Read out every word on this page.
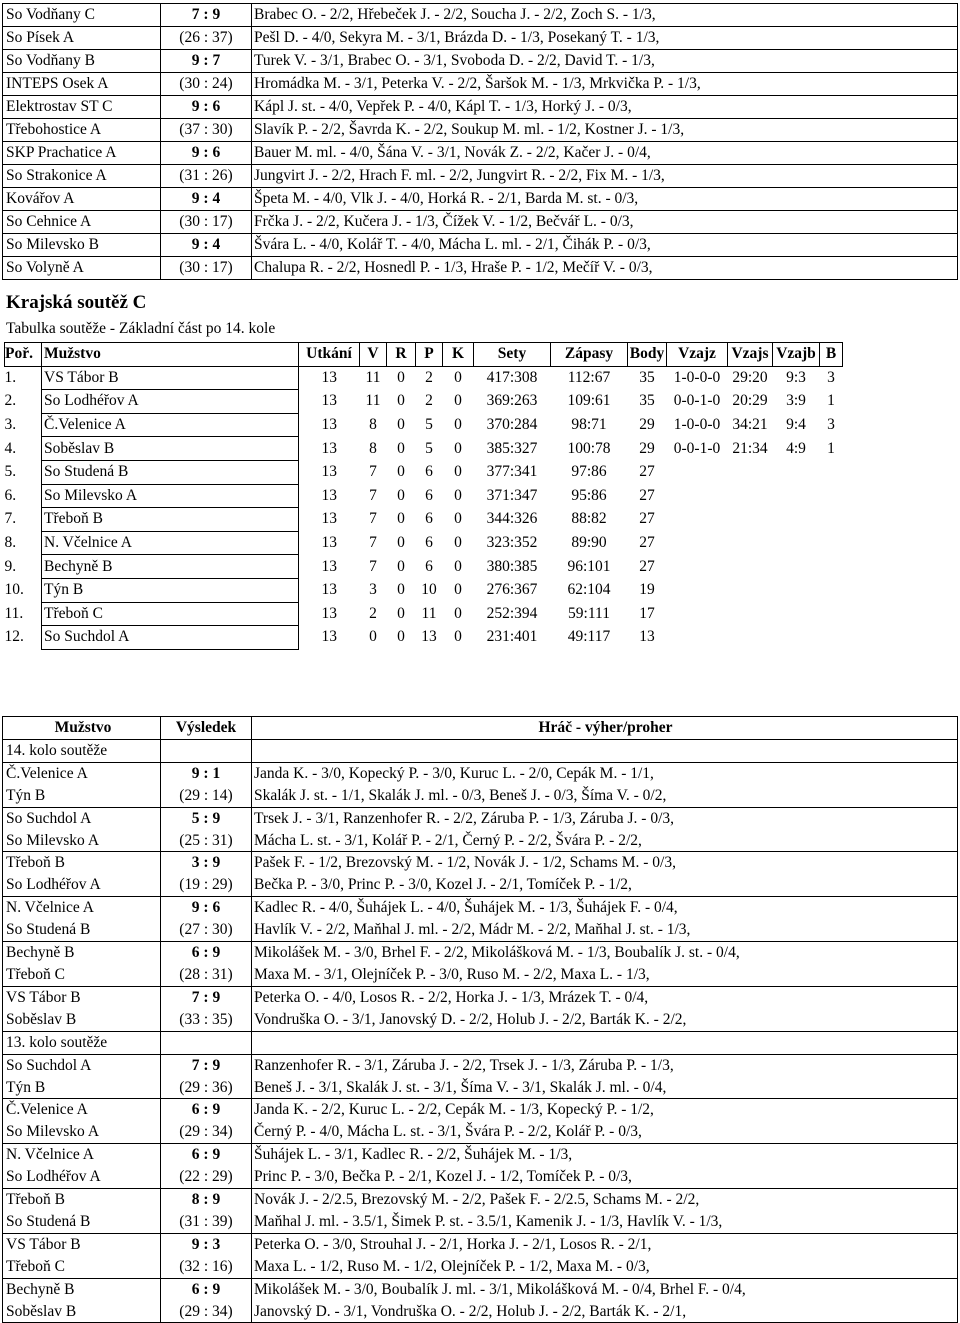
So Vodňany C	7 : 9	Brabec O. - 2/2, Hřebeček J. - 2/2, Soucha J. - 2/2, Zoch S. - 1/3,
So Písek A	(26 : 37)	Pešl D. - 4/0, Sekyra M. - 3/1, Brázda D. - 1/3, Posekaný T. - 1/3,
So Vodňany B	9 : 7	Turek V. - 3/1, Brabec O. - 3/1, Svoboda D. - 2/2, David T. - 1/3,
INTEPS Osek A	(30 : 24)	Hromádka M. - 3/1, Peterka V. - 2/2, Šaršok M. - 1/3, Mrkvička P. - 1/3,
Elektrostav ST C	9 : 6	Kápl J. st. - 4/0, Vepřek P. - 4/0, Kápl T. - 1/3, Horký J. - 0/3,
Třebohostice A	(37 : 30)	Slavík P. - 2/2, Šavrda K. - 2/2, Soukup M. ml. - 1/2, Kostner J. - 1/3,
SKP Prachatice A	9 : 6	Bauer M. ml. - 4/0, Šána V. - 3/1, Novák Z. - 2/2, Kačer J. - 0/4,
So Strakonice A	(31 : 26)	Jungvirt J. - 2/2, Hrach F. ml. - 2/2, Jungvirt R. - 2/2, Fix M. - 1/3,
Kovářov A	9 : 4	Špeta M. - 4/0, Vlk J. - 4/0, Horká R. - 2/1, Barda M. st. - 0/3,
So Cehnice A	(30 : 17)	Frčka J. - 2/2, Kučera J. - 1/3, Čížek V. - 1/2, Bečvář L. - 0/3,
So Milevsko B	9 : 4	Švára L. - 4/0, Kolář T. - 4/0, Mácha L. ml. - 2/1, Čihák P. - 0/3,
So Volyně A	(30 : 17)	Chalupa R. - 2/2, Hosnedl P. - 1/3, Hraše P. - 1/2, Mečíř V. - 0/3,
Krajská soutěž C
Tabulka soutěže - Základní část po 14. kole
Poř.	Mužstvo	Utkání	V	R	P	K	Sety	Zápasy	Body	Vzajz	Vzajs	Vzajb	B
1.	VS Tábor B	13	11	0	2	0	417:308	112:67	35	1-0-0-0	29:20	9:3	3
2.	So Lodhéřov A	13	11	0	2	0	369:263	109:61	35	0-0-1-0	20:29	3:9	1
3.	Č.Velenice A	13	8	0	5	0	370:284	98:71	29	1-0-0-0	34:21	9:4	3
4.	Soběslav B	13	8	0	5	0	385:327	100:78	29	0-0-1-0	21:34	4:9	1
5.	So Studená B	13	7	0	6	0	377:341	97:86	27				
6.	So Milevsko A	13	7	0	6	0	371:347	95:86	27				
7.	Třeboň B	13	7	0	6	0	344:326	88:82	27				
8.	N. Včelnice A	13	7	0	6	0	323:352	89:90	27				
9.	Bechyně B	13	7	0	6	0	380:385	96:101	27				
10.	Týn B	13	3	0	10	0	276:367	62:104	19				
11.	Třeboň C	13	2	0	11	0	252:394	59:111	17				
12.	So Suchdol A	13	0	0	13	0	231:401	49:117	13				
Mužstvo	Výsledek	Hráč - výher/proher
14. kolo soutěže		
Č.Velenice A	9 : 1	Janda K. - 3/0, Kopecký P. - 3/0, Kuruc L. - 2/0, Cepák M. - 1/1,
Týn B	(29 : 14)	Skalák J. st. - 1/1, Skalák J. ml. - 0/3, Beneš J. - 0/3, Šíma V. - 0/2,
So Suchdol A	5 : 9	Trsek J. - 3/1, Ranzenhofer R. - 2/2, Záruba P. - 1/3, Záruba J. - 0/3,
So Milevsko A	(25 : 31)	Mácha L. st. - 3/1, Kolář P. - 2/1, Černý P. - 2/2, Švára P. - 2/2,
Třeboň B	3 : 9	Pašek F. - 1/2, Brezovský M. - 1/2, Novák J. - 1/2, Schams M. - 0/3,
So Lodhéřov A	(19 : 29)	Bečka P. - 3/0, Princ P. - 3/0, Kozel J. - 2/1, Tomíček P. - 1/2,
N. Včelnice A	9 : 6	Kadlec R. - 4/0, Šuhájek L. - 4/0, Šuhájek M. - 1/3, Šuhájek F. - 0/4,
So Studená B	(27 : 30)	Havlík V. - 2/2, Maňhal J. ml. - 2/2, Mádr M. - 2/2, Maňhal J. st. - 1/3,
Bechyně B	6 : 9	Mikolášek M. - 3/0, Brhel F. - 2/2, Mikolášková M. - 1/3, Boubalík J. st. - 0/4,
Třeboň C	(28 : 31)	Maxa M. - 3/1, Olejníček P. - 3/0, Ruso M. - 2/2, Maxa L. - 1/3,
VS Tábor B	7 : 9	Peterka O. - 4/0, Losos R. - 2/2, Horka J. - 1/3, Mrázek T. - 0/4,
Soběslav B	(33 : 35)	Vondruška O. - 3/1, Janovský D. - 2/2, Holub J. - 2/2, Barták K. - 2/2,
13. kolo soutěže		
So Suchdol A	7 : 9	Ranzenhofer R. - 3/1, Záruba J. - 2/2, Trsek J. - 1/3, Záruba P. - 1/3,
Týn B	(29 : 36)	Beneš J. - 3/1, Skalák J. st. - 3/1, Šíma V. - 3/1, Skalák J. ml. - 0/4,
Č.Velenice A	6 : 9	Janda K. - 2/2, Kuruc L. - 2/2, Cepák M. - 1/3, Kopecký P. - 1/2,
So Milevsko A	(29 : 34)	Černý P. - 4/0, Mácha L. st. - 3/1, Švára P. - 2/2, Kolář P. - 0/3,
N. Včelnice A	6 : 9	Šuhájek L. - 3/1, Kadlec R. - 2/2, Šuhájek M. - 1/3,
So Lodhéřov A	(22 : 29)	Princ P. - 3/0, Bečka P. - 2/1, Kozel J. - 1/2, Tomíček P. - 0/3,
Třeboň B	8 : 9	Novák J. - 2/2.5, Brezovský M. - 2/2, Pašek F. - 2/2.5, Schams M. - 2/2,
So Studená B	(31 : 39)	Maňhal J. ml. - 3.5/1, Šimek P. st. - 3.5/1, Kamenik J. - 1/3, Havlík V. - 1/3,
VS Tábor B	9 : 3	Peterka O. - 3/0, Strouhal J. - 2/1, Horka J. - 2/1, Losos R. - 2/1,
Třeboň C	(32 : 16)	Maxa L. - 1/2, Ruso M. - 1/2, Olejníček P. - 1/2, Maxa M. - 0/3,
Bechyně B	6 : 9	Mikolášek M. - 3/0, Boubalík J. ml. - 3/1, Mikolášková M. - 0/4, Brhel F. - 0/4,
Soběslav B	(29 : 34)	Janovský D. - 3/1, Vondruška O. - 2/2, Holub J. - 2/2, Barták K. - 2/1,
